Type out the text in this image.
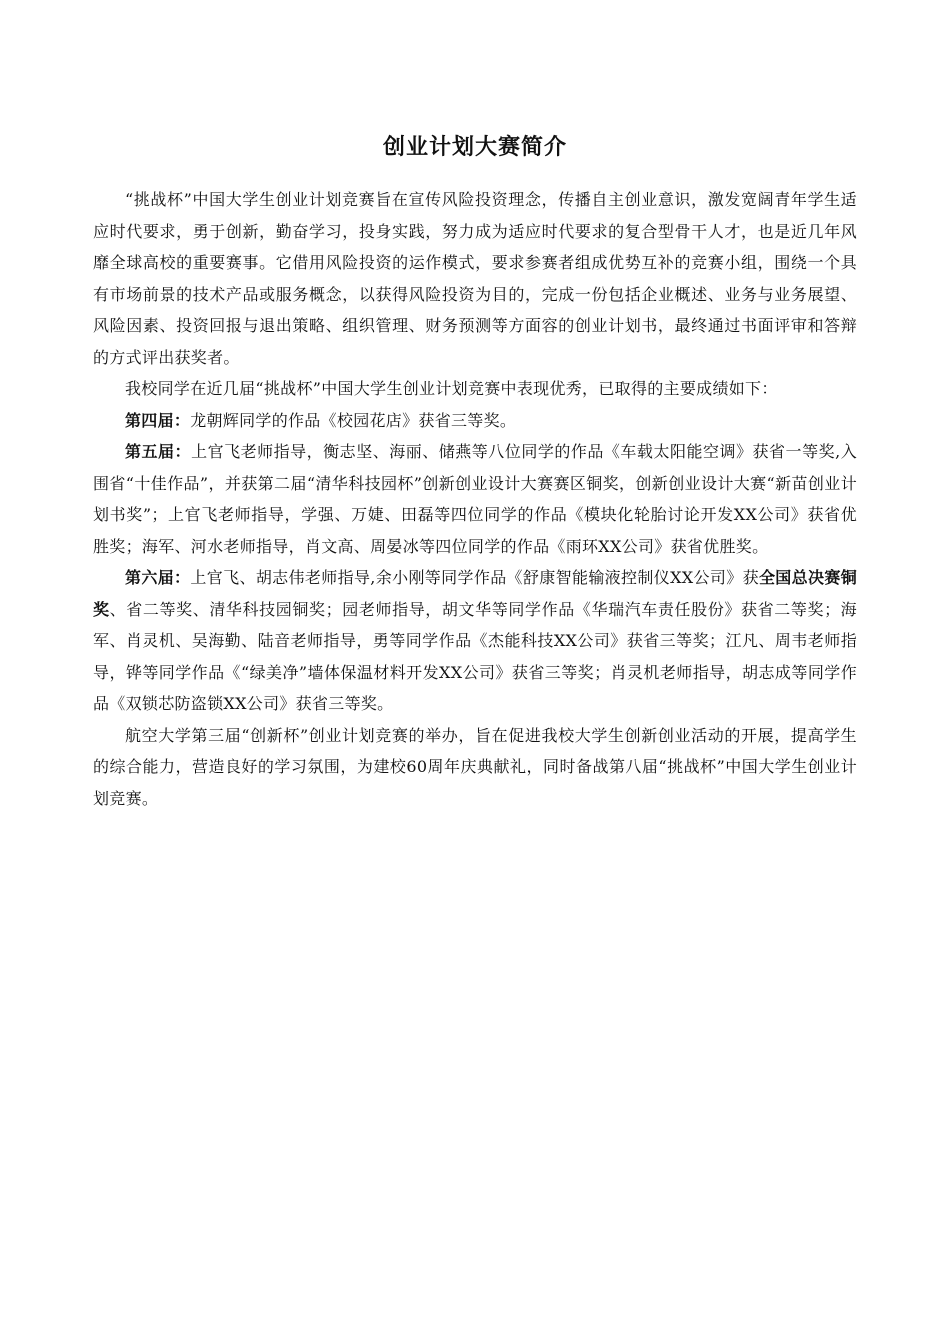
创业计划大赛简介

“挑战杯”中国大学生创业计划竞赛旨在宣传风险投资理念，传播自主创业意识，激发宽阔青年学生适应时代要求，勇于创新，勤奋学习，投身实践，努力成为适应时代要求的复合型骨干人才，也是近几年风靡全球高校的重要赛事。它借用风险投资的运作模式，要求参赛者组成优势互补的竞赛小组，围绕一个具有市场前景的技术产品或服务概念，以获得风险投资为目的，完成一份包括企业概述、业务与业务展望、风险因素、投资回报与退出策略、组织管理、财务预测等方面容的创业计划书，最终通过书面评审和答辩的方式评出获奖者。

我校同学在近几届“挑战杯”中国大学生创业计划竞赛中表现优秀，已取得的主要成绩如下：

第四届：龙朝辉同学的作品《校园花店》获省三等奖。

第五届：上官飞老师指导，衡志坚、海丽、储燕等八位同学的作品《车载太阳能空调》获省一等奖,入围省“十佳作品”，并获第二届“清华科技园杯”创新创业设计大赛赛区铜奖，创新创业设计大赛“新苗创业计划书奖”；上官飞老师指导，学强、万婕、田磊等四位同学的作品《模块化轮胎讨论开发XX公司》获省优胜奖；海军、河水老师指导，肖文高、周晏冰等四位同学的作品《雨环XX公司》获省优胜奖。

第六届：上官飞、胡志伟老师指导,余小刚等同学作品《舒康智能输液控制仪XX公司》获全国总决赛铜奖、省二等奖、清华科技园铜奖；园老师指导，胡文华等同学作品《华瑞汽车责任股份》获省二等奖；海军、肖灵机、吴海勤、陆音老师指导，勇等同学作品《杰能科技XX公司》获省三等奖；江凡、周韦老师指导，铧等同学作品《“绿美净”墙体保温材料开发XX公司》获省三等奖；肖灵机老师指导，胡志成等同学作品《双锁芯防盗锁XX公司》获省三等奖。

航空大学第三届“创新杯”创业计划竞赛的举办，旨在促进我校大学生创新创业活动的开展，提高学生的综合能力，营造良好的学习氛围，为建校60周年庆典献礼，同时备战第八届“挑战杯”中国大学生创业计划竞赛。
